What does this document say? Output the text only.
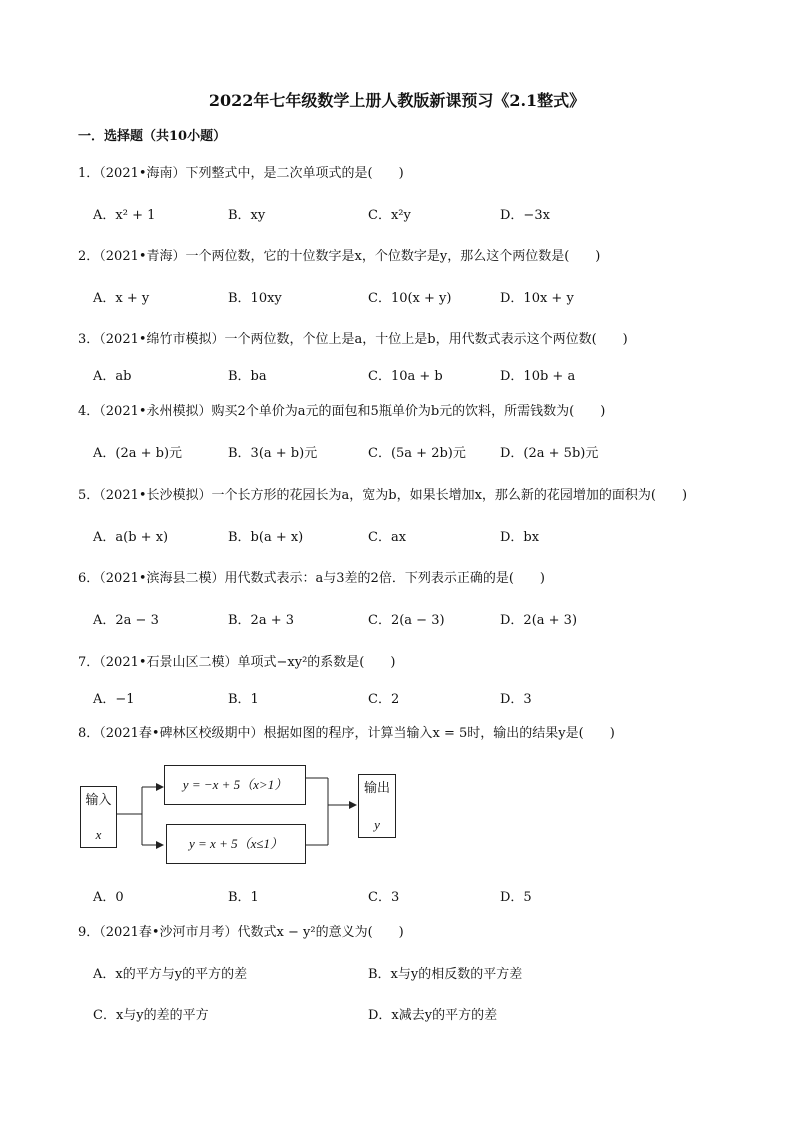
2022年七年级数学上册人教版新课预习《2.1整式》
一．选择题（共10小题）
1．（2021•海南）下列整式中，是二次单项式的是(　　)
A．x² + 1	B．xy	C．x²y	D．−3x
2．（2021•青海）一个两位数，它的十位数字是x，个位数字是y，那么这个两位数是(　　)
A．x + y	B．10xy	C．10(x + y)	D．10x + y
3．（2021•绵竹市模拟）一个两位数，个位上是a，十位上是b，用代数式表示这个两位数(　　)
A．ab	B．ba	C．10a + b	D．10b + a
4．（2021•永州模拟）购买2个单价为a元的面包和5瓶单价为b元的饮料，所需钱数为(　　)
A．(2a + b)元	B．3(a + b)元	C．(5a + 2b)元	D．(2a + 5b)元
5．（2021•长沙模拟）一个长方形的花园长为a，宽为b，如果长增加x，那么新的花园增加的面积为(　　)
A．a(b + x)	B．b(a + x)	C．ax	D．bx
6．（2021•滨海县二模）用代数式表示：a与3差的2倍．下列表示正确的是(　　)
A．2a − 3	B．2a + 3	C．2(a − 3)	D．2(a + 3)
7．（2021•石景山区二模）单项式−xy²的系数是(　　)
A．−1	B．1	C．2	D．3
8．（2021春•碑林区校级期中）根据如图的程序，计算当输入x = 5时，输出的结果y是(　　)
输入
x
y = −x + 5（x>1）
y = x + 5（x≤1）
输出
y
A．0	B．1	C．3	D．5
9．（2021春•沙河市月考）代数式x − y²的意义为(　　)
A．x的平方与y的平方的差	B．x与y的相反数的平方差
C．x与y的差的平方	D．x减去y的平方的差
